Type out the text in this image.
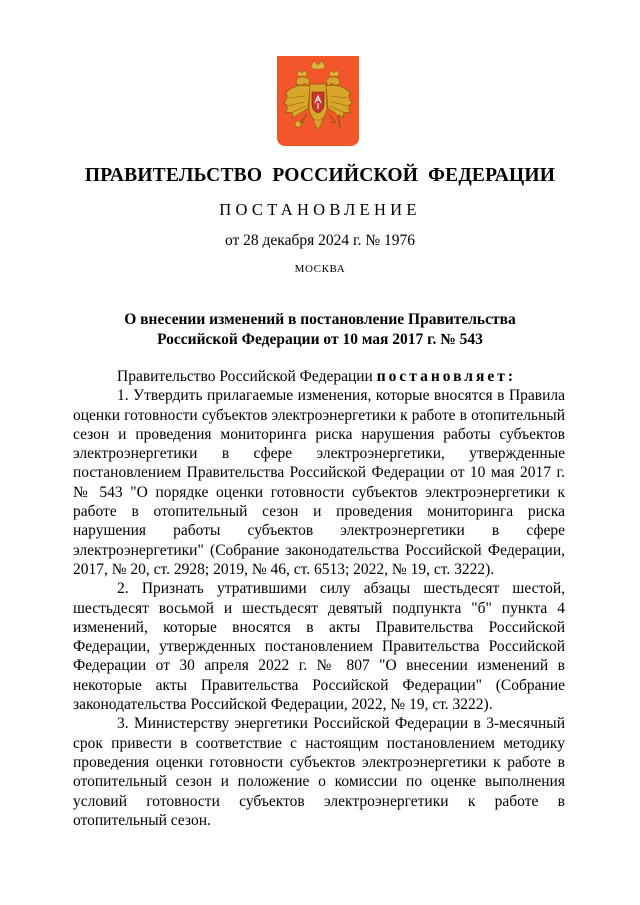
ПРАВИТЕЛЬСТВО РОССИЙСКОЙ ФЕДЕРАЦИИ
ПОСТАНОВЛЕНИЕ
от 28 декабря 2024 г. № 1976
МОСКВА
О внесении изменений в постановление Правительства
Российской Федерации от 10 мая 2017 г. № 543

Правительство Российской Федерации постановляет:

1. Утвердить прилагаемые изменения, которые вносятся в Правила оценки готовности субъектов электроэнергетики к работе в отопительный сезон и проведения мониторинга риска нарушения работы субъектов электроэнергетики в сфере электроэнергетики, утвержденные постановлением Правительства Российской Федерации от 10 мая 2017 г. № 543 "О порядке оценки готовности субъектов электроэнергетики к работе в отопительный сезон и проведения мониторинга риска нарушения работы субъектов электроэнергетики в сфере электроэнергетики" (Собрание законодательства Российской Федерации, 2017, № 20, ст. 2928; 2019, № 46, ст. 6513; 2022, № 19, ст. 3222).

2. Признать утратившими силу абзацы шестьдесят шестой, шестьдесят восьмой и шестьдесят девятый подпункта "б" пункта 4 изменений, которые вносятся в акты Правительства Российской Федерации, утвержденных постановлением Правительства Российской Федерации от 30 апреля 2022 г. № 807 "О внесении изменений в некоторые акты Правительства Российской Федерации" (Собрание законодательства Российской Федерации, 2022, № 19, ст. 3222).

3. Министерству энергетики Российской Федерации в 3-месячный срок привести в соответствие с настоящим постановлением методику проведения оценки готовности субъектов электроэнергетики к работе в отопительный сезон и положение о комиссии по оценке выполнения условий готовности субъектов электроэнергетики к работе в отопительный сезон.
